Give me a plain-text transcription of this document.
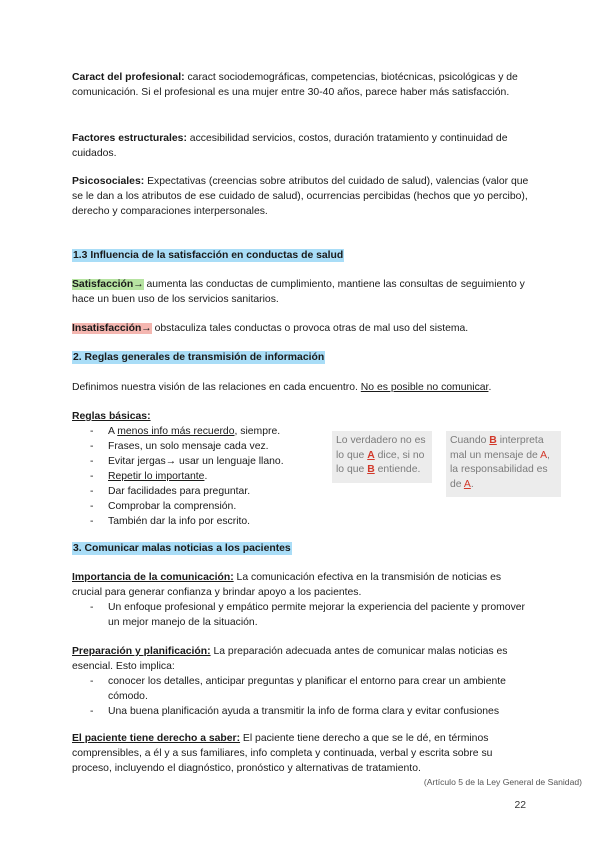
Caract del profesional: caract sociodemográficas, competencias, biotécnicas, psicológicas y de comunicación. Si el profesional es una mujer entre 30-40 años, parece haber más satisfacción.
Factores estructurales: accesibilidad servicios, costos, duración tratamiento y continuidad de cuidados.
Psicosociales: Expectativas (creencias sobre atributos del cuidado de salud), valencias (valor que se le dan a los atributos de ese cuidado de salud), ocurrencias percibidas (hechos que yo percibo), derecho y comparaciones interpersonales.
1.3 Influencia de la satisfacción en conductas de salud
Satisfacción→ aumenta las conductas de cumplimiento, mantiene las consultas de seguimiento y hace un buen uso de los servicios sanitarios.
Insatisfacción→ obstaculiza tales conductas o provoca otras de mal uso del sistema.
2. Reglas generales de transmisión de información
Definimos nuestra visión de las relaciones en cada encuentro. No es posible no comunicar.
Reglas básicas:
- A menos info más recuerdo, siempre.
- Frases, un solo mensaje cada vez.
- Evitar jergas→ usar un lenguaje llano.
- Repetir lo importante.
- Dar facilidades para preguntar.
- Comprobar la comprensión.
- También dar la info por escrito.
Lo verdadero no es lo que A dice, si no lo que B entiende.
Cuando B interpreta mal un mensaje de A, la responsabilidad es de A.
3. Comunicar malas noticias a los pacientes
Importancia de la comunicación: La comunicación efectiva en la transmisión de noticias es crucial para generar confianza y brindar apoyo a los pacientes.
- Un enfoque profesional y empático permite mejorar la experiencia del paciente y promover un mejor manejo de la situación.
Preparación y planificación: La preparación adecuada antes de comunicar malas noticias es esencial. Esto implica:
- conocer los detalles, anticipar preguntas y planificar el entorno para crear un ambiente cómodo.
- Una buena planificación ayuda a transmitir la info de forma clara y evitar confusiones
El paciente tiene derecho a saber: El paciente tiene derecho a que se le dé, en términos comprensibles, a él y a sus familiares, info completa y continuada, verbal y escrita sobre su proceso, incluyendo el diagnóstico, pronóstico y alternativas de tratamiento.
(Artículo 5 de la Ley General de Sanidad)
22
